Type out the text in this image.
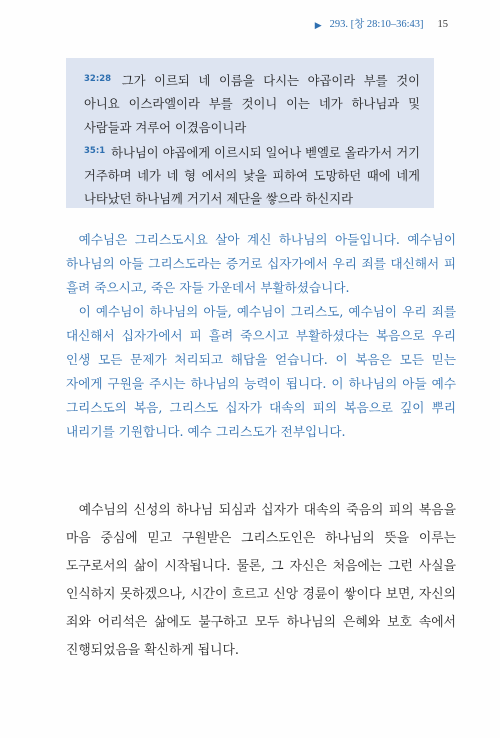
▶ 293. [창 28:10–36:43] 15

$^{32:28}$ 그가 이르되 네 이름을 다시는 야곱이라 부를 것이 아니요 이스라엘이라 부를 것이니 이는 네가 하나님과 및 사람들과 겨루어 이겼음이니라

$^{35:1}$ 하나님이 야곱에게 이르시되 일어나 벧엘로 올라가서 거기 거주하며 네가 네 형 에서의 낯을 피하여 도망하던 때에 네게 나타났던 하나님께 거기서 제단을 쌓으라 하신지라

예수님은 그리스도시요 살아 계신 하나님의 아들입니다. 예수님이 하나님의 아들 그리스도라는 증거로 십자가에서 우리 죄를 대신해서 피 흘려 죽으시고, 죽은 자들 가운데서 부활하셨습니다.

이 예수님이 하나님의 아들, 예수님이 그리스도, 예수님이 우리 죄를 대신해서 십자가에서 피 흘려 죽으시고 부활하셨다는 복음으로 우리 인생 모든 문제가 처리되고 해답을 얻습니다. 이 복음은 모든 믿는 자에게 구원을 주시는 하나님의 능력이 됩니다. 이 하나님의 아들 예수 그리스도의 복음, 그리스도 십자가 대속의 피의 복음으로 깊이 뿌리 내리기를 기원합니다. 예수 그리스도가 전부입니다.

예수님의 신성의 하나님 되심과 십자가 대속의 죽음의 피의 복음을 마음 중심에 믿고 구원받은 그리스도인은 하나님의 뜻을 이루는 도구로서의 삶이 시작됩니다. 물론, 그 자신은 처음에는 그런 사실을 인식하지 못하겠으나, 시간이 흐르고 신앙 경륜이 쌓이다 보면, 자신의 죄와 어리석은 삶에도 불구하고 모두 하나님의 은혜와 보호 속에서 진행되었음을 확신하게 됩니다.
